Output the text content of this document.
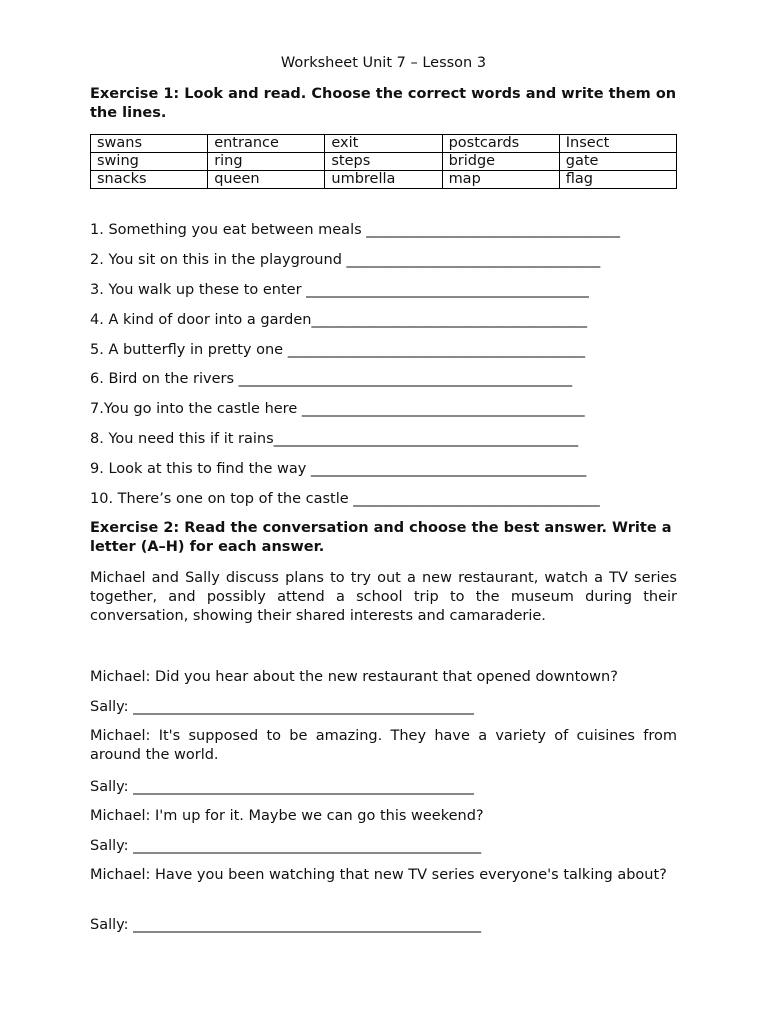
Worksheet Unit 7 – Lesson 3
Exercise 1: Look and read. Choose the correct words and write them on the lines.
swans	entrance	exit	postcards	Insect
swing	ring	steps	bridge	gate
snacks	queen	umbrella	map	flag
1. Something you eat between meals ___________________________________
2. You sit on this in the playground ___________________________________
3. You walk up these to enter _______________________________________
4. A kind of door into a garden______________________________________
5. A butterfly in pretty one _________________________________________
6. Bird on the rivers ______________________________________________
7.You go into the castle here _______________________________________
8. You need this if it rains__________________________________________
9. Look at this to find the way ______________________________________
10. There’s one on top of the castle __________________________________
Exercise 2: Read the conversation and choose the best answer. Write a letter (A–H) for each answer.
Michael and Sally discuss plans to try out a new restaurant, watch a TV series together, and possibly attend a school trip to the museum during their conversation, showing their shared interests and camaraderie.
Michael: Did you hear about the new restaurant that opened downtown?
Sally: _______________________________________________
Michael: It's supposed to be amazing. They have a variety of cuisines from around the world.
Sally: _______________________________________________
Michael: I'm up for it. Maybe we can go this weekend?
Sally: ________________________________________________
Michael: Have you been watching that new TV series everyone's talking about?
Sally: ________________________________________________
